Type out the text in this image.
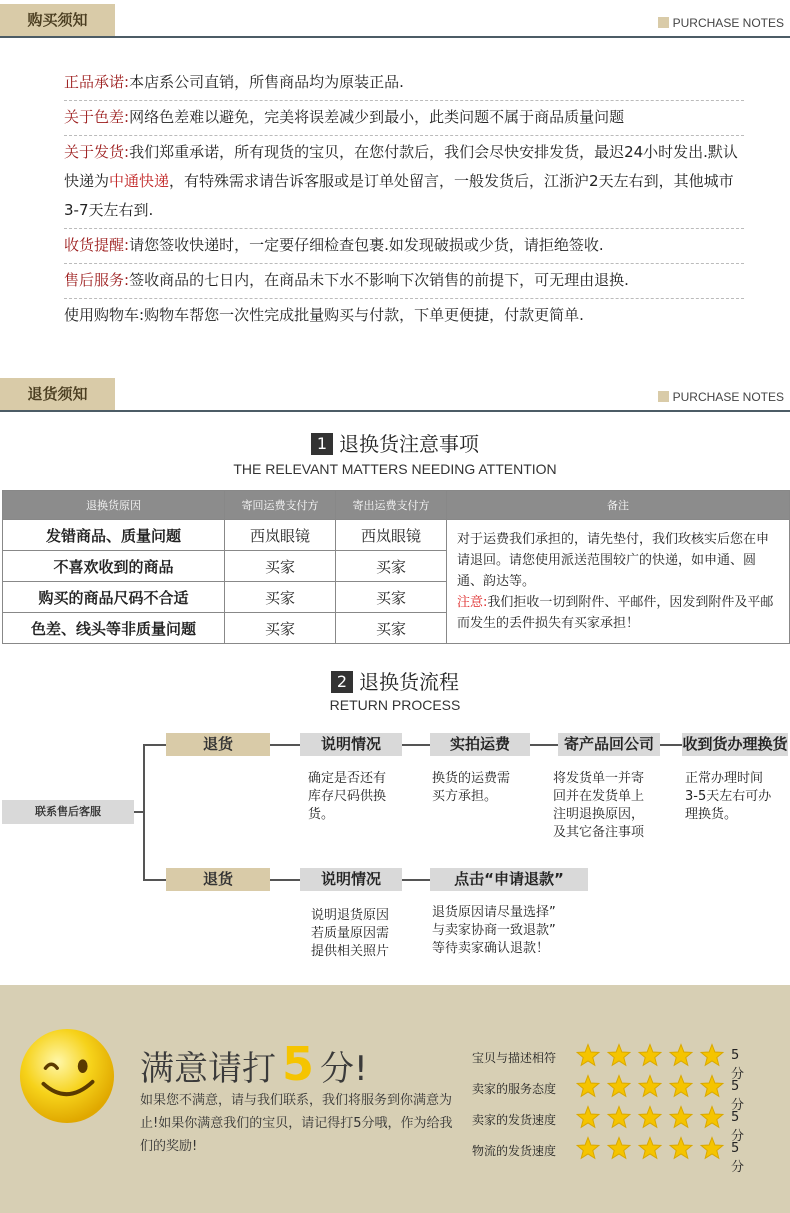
购买须知	PURCHASE NOTES
正品承诺:本店系公司直销，所售商品均为原装正品.
关于色差:网络色差难以避免，完美将误差减少到最小，此类问题不属于商品质量问题
关于发货:我们郑重承诺，所有现货的宝贝，在您付款后，我们会尽快安排发货，最迟24小时发出.默认快递为中通快递，有特殊需求请告诉客服或是订单处留言，一般发货后，江浙沪2天左右到，其他城市3-7天左右到.
收货提醒:请您签收快递时，一定要仔细检查包裹.如发现破损或少货，请拒绝签收.
售后服务:签收商品的七日内，在商品未下水不影响下次销售的前提下，可无理由退换.
使用购物车:购物车帮您一次性完成批量购买与付款，下单更便捷，付款更简单.
退货须知	PURCHASE NOTES
1 退换货注意事项
THE RELEVANT MATTERS NEEDING ATTENTION
退换货原因	寄回运费支付方	寄出运费支付方	备注
发错商品、质量问题	西岚眼镜	西岚眼镜	对于运费我们承担的，请先垫付，我们玫核实后您在申请退回。请您使用派送范围较广的快递，如申通、圆通、韵达等。
注意:我们拒收一切到附件、平邮件，因发到附件及平邮而发生的丢件损失有买家承担！
不喜欢收到的商品	买家	买家	
购买的商品尺码不合适	买家	买家	
色差、线头等非质量问题	买家	买家	
2 退换货流程
RETURN PROCESS
联系售后客服
退货	说明情况	实拍运费	寄产品回公司	收到货办理换货
确定是否还有
库存尺码供换
货。
换货的运费需
买方承担。
将发货单一并寄
回并在发货单上
注明退换原因，
及其它备注事项
正常办理时间
3-5天左右可办
理换货。
退货	说明情况	点击“申请退款”
说明退货原因
若质量原因需
提供相关照片
退货原因请尽量选择”
与卖家协商一致退款”
等待卖家确认退款！
满意请打 5 分!
如果您不满意，请与我们联系，我们将服务到你满意为止!如果你满意我们的宝贝，请记得打5分哦，作为给我们的奖励!
宝贝与描述相符	5分
卖家的服务态度	5分
卖家的发货速度	5分
物流的发货速度	5分
